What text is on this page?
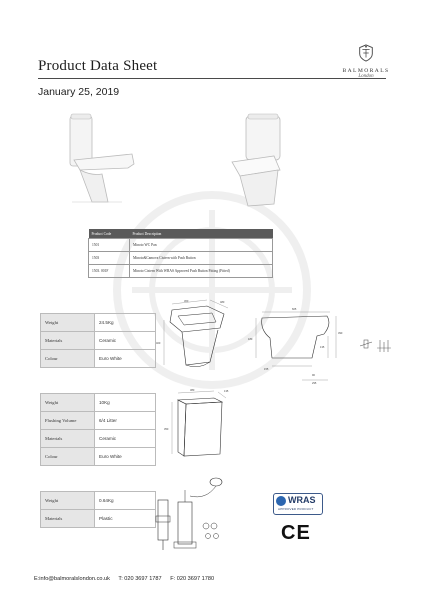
Product Data Sheet
January 25, 2019
BALMORALS
London
Product Code	Product Description
1501	Minoto WC Pan
1503	Minoto&Camova Cistern with Push Button
1503. 001F	Minoto Cistern With WRAS Approved Push Button Fitting (Fitted)
Weight	24.5Kg
Materials	Ceramic
Colour	Euro White
360	480
400
605
180
390
135
155
90
295
Weight	10Kg
Flushing Volume	6/4 Litter
Materials	Ceramic
Colour	Euro White
380	135
350
Weight	0.64Kg
Materials	Plastic
WRAS
APPROVED PRODUCT
CE
E:info@balmoralslondon.co.uk T: 020 3697 1787 F: 020 3697 1780
